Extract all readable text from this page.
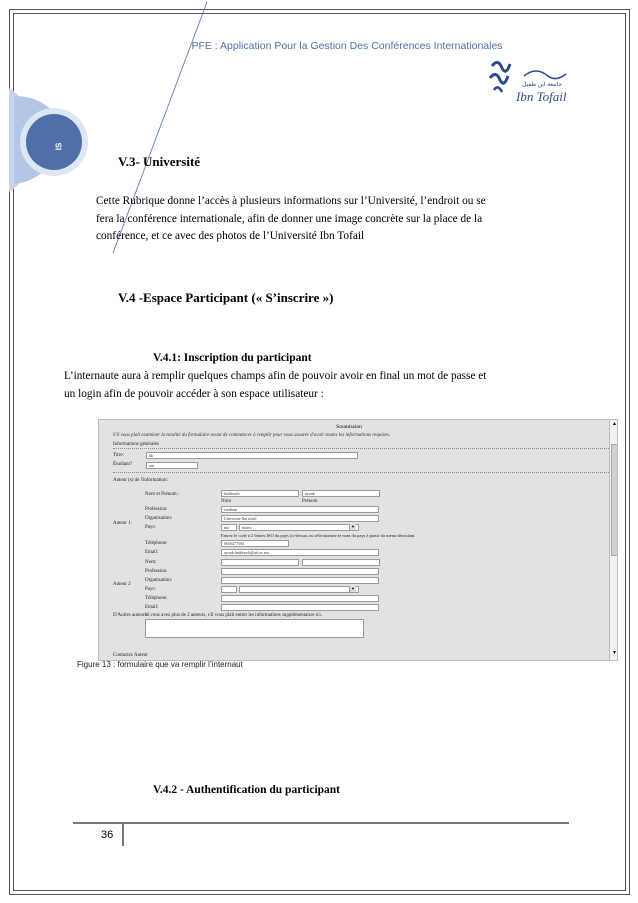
IS
PFE : Application Pour la Gestion Des Conférences Internationales
جامعة ابن طفيل
Ibn Tofail
V.3- Université
Cette Rubrique donne l’accès à plusieurs informations sur l’Université, l’endroit ou se
fera la conférence internationale, afin de donner une image concrète sur la place de la
conférence, et ce avec des photos de l’Université Ibn Tofail
V.4 -Espace Participant (« S’inscrire »)
V.4.1: Inscription du participant
L’internaute aura à remplir quelques champs afin de pouvoir avoir en final un mot de passe et
un login afin de pouvoir accéder à son espace utilisateur :
Soumission
S'il vous plaît examiner la totalité du formulaire avant de commencer à remplir pour vous assurer d'avoir toutes les informations requises.
Informations générales
Titre:	kk
Étudiant?	oui
Auteur (s) de l'information:
Nom et Prénom :	haddouch	ayoub
Nom	Prénom
Profession:	etudiant
Auteur 1:
Organisation:	Universite Ibn tofail
Pays:	ma	maroc	▼
Entrez le code à 2 lettres ISO du pays (ci-dessus ou sélectionnez le nom du pays à partir du menu déroulant.
Téléphone:	0656477504
Email:	ayoub.haddouch@uit.ac.ma
Nom:
Profession:
Auteur 2
Organisation:
Pays:	▼
Téléphone:
Email:
D'Autres auteurs:
Si vous avez plus de 2 auteurs, s'il vous plaît entrer les informations supplémentaires ici.
Contactez Auteur
▲
▼
Figure 13 : formulaire que va remplir l’internaut
V.4.2 - Authentification du participant
36
